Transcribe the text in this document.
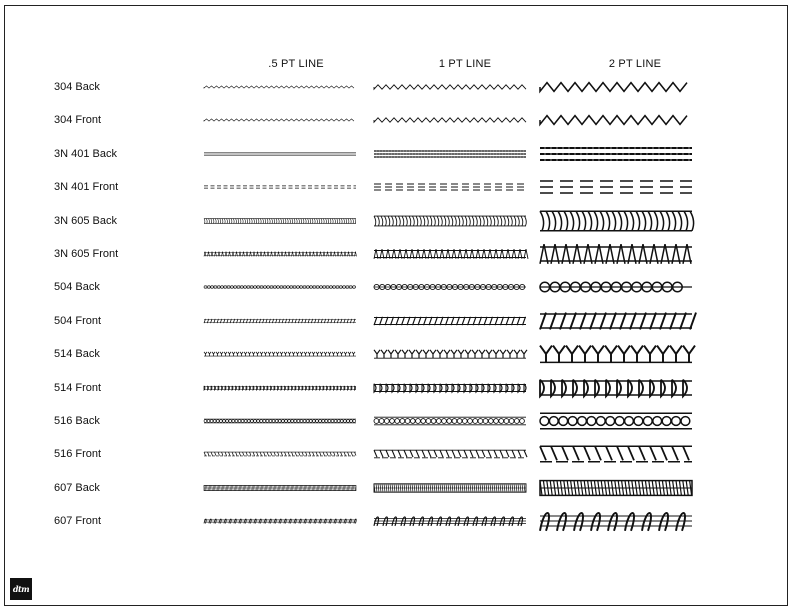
.5 PT LINE	1 PT LINE	2 PT LINE
304 Back
304 Front
3N 401 Back
3N 401 Front
3N 605 Back
3N 605 Front
504 Back
504 Front
514 Back
514 Front
516 Back
516 Front
607 Back
607 Front
dtm
